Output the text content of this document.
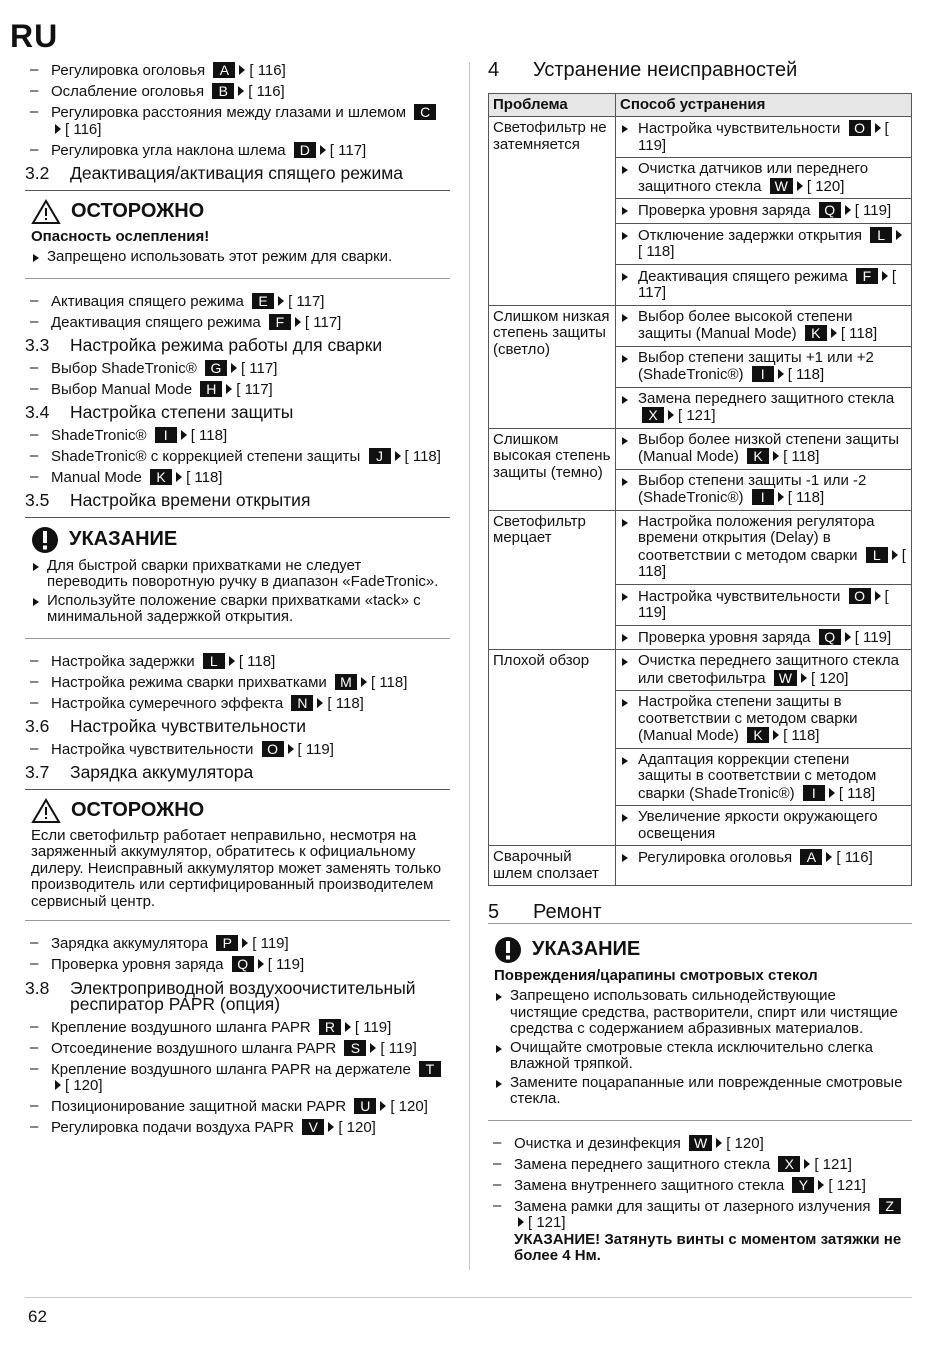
RU
– Регулировка оголовья A [ 116]
– Ослабление оголовья B [ 116]
– Регулировка расстояния между глазами и шлемом C[ 116]
– Регулировка угла наклона шлема D [ 117]
3.2	Деактивация/активация спящего режима
ОСТОРОЖНО
Опасность ослепления!
Запрещено использовать этот режим для сварки.
– Активация спящего режима E [ 117]
– Деактивация спящего режима F [ 117]
3.3	Настройка режима работы для сварки
– Выбор ShadeTronic® G [ 117]
– Выбор Manual Mode H [ 117]
3.4	Настройка степени защиты
– ShadeTronic® I [ 118]
– ShadeTronic® с коррекцией степени защиты J [ 118]
– Manual Mode K [ 118]
3.5	Настройка времени открытия
УКАЗАНИЕ
Для быстрой сварки прихватками не следует переводить поворотную ручку в диапазон «FadeTronic».
Используйте положение сварки прихватками «tack» с минимальной задержкой открытия.
– Настройка задержки L [ 118]
– Настройка режима сварки прихватками M [ 118]
– Настройка сумеречного эффекта N [ 118]
3.6	Настройка чувствительности
– Настройка чувствительности O [ 119]
3.7	Зарядка аккумулятора
ОСТОРОЖНО
Если светофильтр работает неправильно, несмотря на заряженный аккумулятор, обратитесь к официальному дилеру. Неисправный аккумулятор может заменять только производитель или сертифицированный производителем сервисный центр.
– Зарядка аккумулятора P [ 119]
– Проверка уровня заряда Q [ 119]
3.8	Электроприводной воздухоочистительный респиратор PAPR (опция)
– Крепление воздушного шланга PAPR R [ 119]
– Отсоединение воздушного шланга PAPR S [ 119]
– Крепление воздушного шланга PAPR на держателе T[ 120]
– Позиционирование защитной маски PAPR U [ 120]
– Регулировка подачи воздуха PAPR V [ 120]
4	Устранение неисправностей
Проблема	Способ устранения
Светофильтр не затемняется	Настройка чувствительности O [ 119]
	Очистка датчиков или переднего защитного стекла W [ 120]
	Проверка уровня заряда Q [ 119]
	Отключение задержки открытия L[ 118]
	Деактивация спящего режима F [ 117]
Слишком низкая степень защиты (светло)	Выбор более высокой степени защиты (Manual Mode) K [ 118]
	Выбор степени защиты +1 или +2 (ShadeTronic®) I [ 118]
	Замена переднего защитного стекла X [ 121]
Слишком высокая степень защиты (темно)	Выбор более низкой степени защиты (Manual Mode) K [ 118]
	Выбор степени защиты -1 или -2 (ShadeTronic®) I [ 118]
Светофильтр мерцает	Настройка положения регулятора времени открытия (Delay) в соответствии с методом сварки L [ 118]
	Настройка чувствительности O [ 119]
	Проверка уровня заряда Q [ 119]
Плохой обзор	Очистка переднего защитного стекла или светофильтра W [ 120]
	Настройка степени защиты в соответствии с методом сварки (Manual Mode) K [ 118]
	Адаптация коррекции степени защиты в соответствии с методом сварки (ShadeTronic®) I [ 118]
	Увеличение яркости окружающего освещения
Сварочный шлем сползает	Регулировка оголовья A [ 116]
5	Ремонт
УКАЗАНИЕ
Повреждения/царапины смотровых стекол
Запрещено использовать сильнодействующие чистящие средства, растворители, спирт или чистящие средства с содержанием абразивных материалов.
Очищайте смотровые стекла исключительно слегка влажной тряпкой.
Замените поцарапанные или поврежденные смотровые стекла.
– Очистка и дезинфекция W [ 120]
– Замена переднего защитного стекла X [ 121]
– Замена внутреннего защитного стекла Y [ 121]
– Замена рамки для защиты от лазерного излучения Z[ 121]
УКАЗАНИЕ! Затянуть винты с моментом затяжки не более 4 Нм.
62
